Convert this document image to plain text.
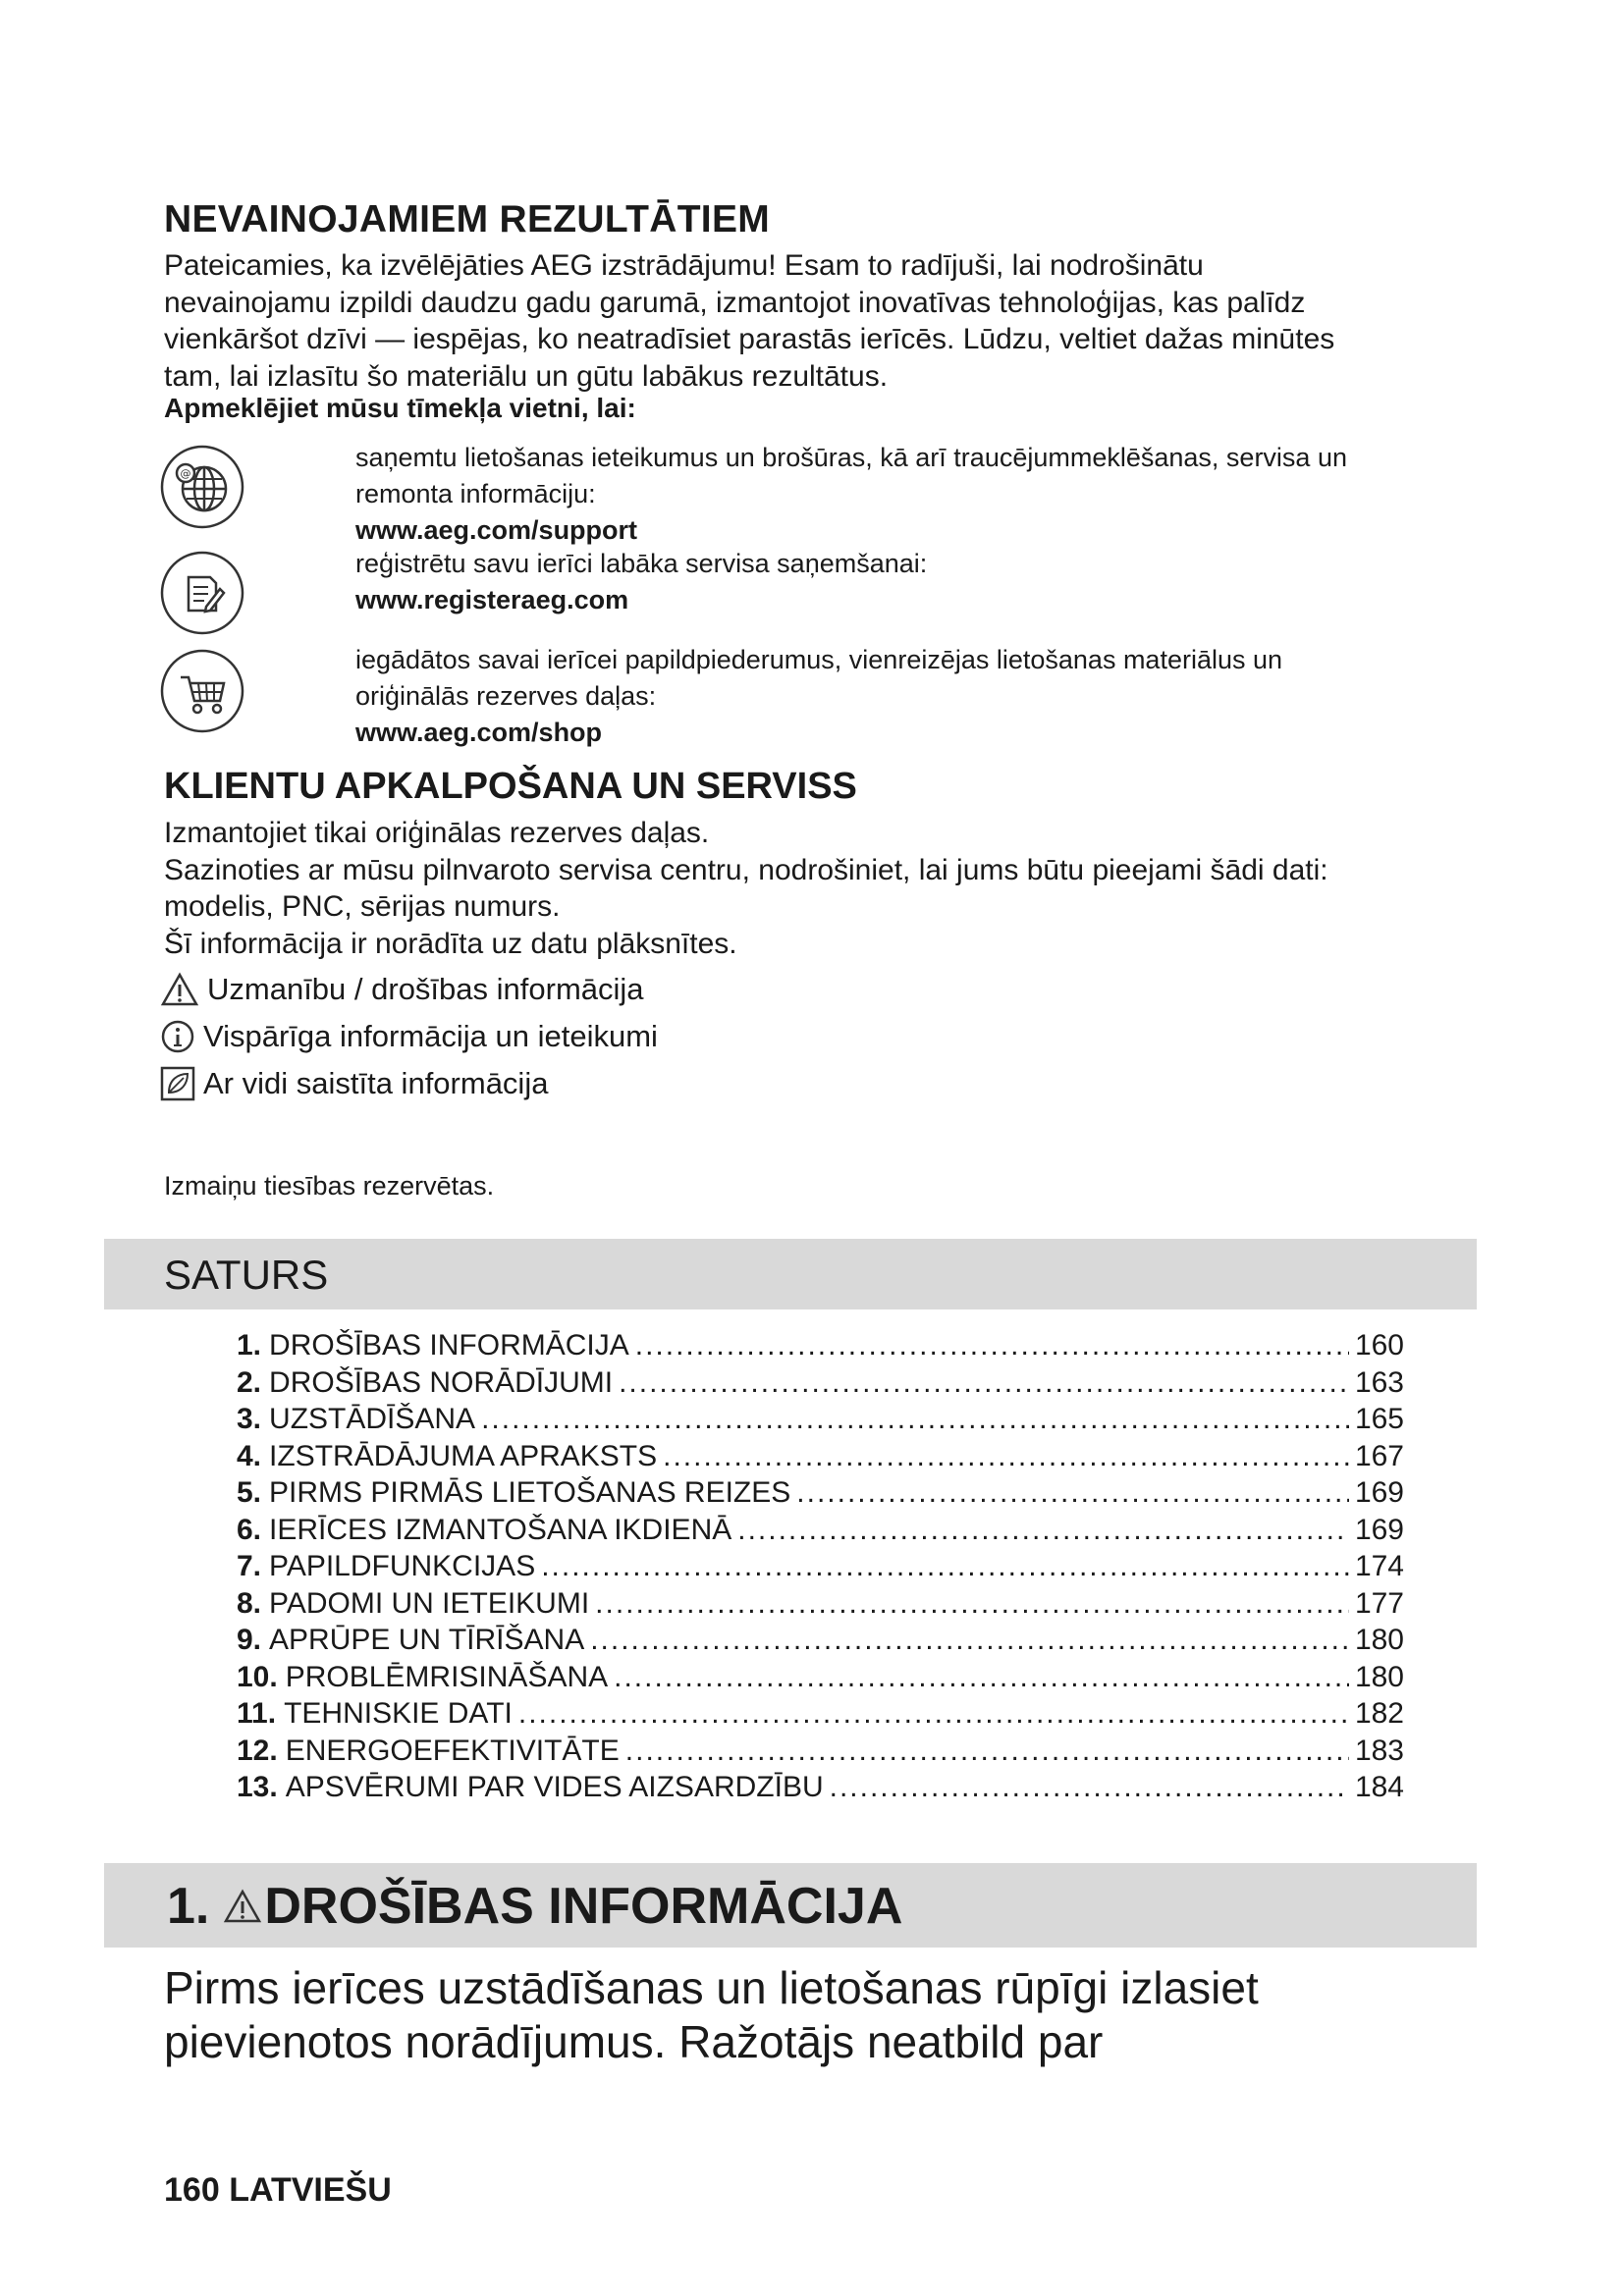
NEVAINOJAMIEM REZULTĀTIEM
Pateicamies, ka izvēlējāties AEG izstrādājumu! Esam to radījuši, lai nodrošinātu
nevainojamu izpildi daudzu gadu garumā, izmantojot inovatīvas tehnoloģijas, kas palīdz
vienkāršot dzīvi — iespējas, ko neatradīsiet parastās ierīcēs. Lūdzu, veltiet dažas minūtes
tam, lai izlasītu šo materiālu un gūtu labākus rezultātus.
Apmeklējiet mūsu tīmekļa vietni, lai:
@
saņemtu lietošanas ieteikumus un brošūras, kā arī traucējummeklēšanas, servisa un
remonta informāciju:
www.aeg.com/support
reģistrētu savu ierīci labāka servisa saņemšanai:
www.registeraeg.com
iegādātos savai ierīcei papildpiederumus, vienreizējas lietošanas materiālus un
oriģinālās rezerves daļas:
www.aeg.com/shop
KLIENTU APKALPOŠANA UN SERVISS
Izmantojiet tikai oriģinālas rezerves daļas.
Sazinoties ar mūsu pilnvaroto servisa centru, nodrošiniet, lai jums būtu pieejami šādi dati:
modelis, PNC, sērijas numurs.
Šī informācija ir norādīta uz datu plāksnītes.
Uzmanību / drošības informācija
Vispārīga informācija un ieteikumi
Ar vidi saistīta informācija
Izmaiņu tiesības rezervētas.
SATURS
1. DROŠĪBAS INFORMĀCIJA .....	160
2. DROŠĪBAS NORĀDĪJUMI .....	163
3. UZSTĀDĪŠANA .....	165
4. IZSTRĀDĀJUMA APRAKSTS .....	167
5. PIRMS PIRMĀS LIETOŠANAS REIZES .....	169
6. IERĪCES IZMANTOŠANA IKDIENĀ .....	169
7. PAPILDFUNKCIJAS .....	174
8. PADOMI UN IETEIKUMI .....	177
9. APRŪPE UN TĪRĪŠANA .....	180
10. PROBLĒMRISINĀŠANA .....	180
11. TEHNISKIE DATI .....	182
12. ENERGOEFEKTIVITĀTE .....	183
13. APSVĒRUMI PAR VIDES AIZSARDZĪBU .....	184
1. DROŠĪBAS INFORMĀCIJA
Pirms ierīces uzstādīšanas un lietošanas rūpīgi izlasiet
pievienotos norādījumus. Ražotājs neatbild par
160 LATVIEŠU
